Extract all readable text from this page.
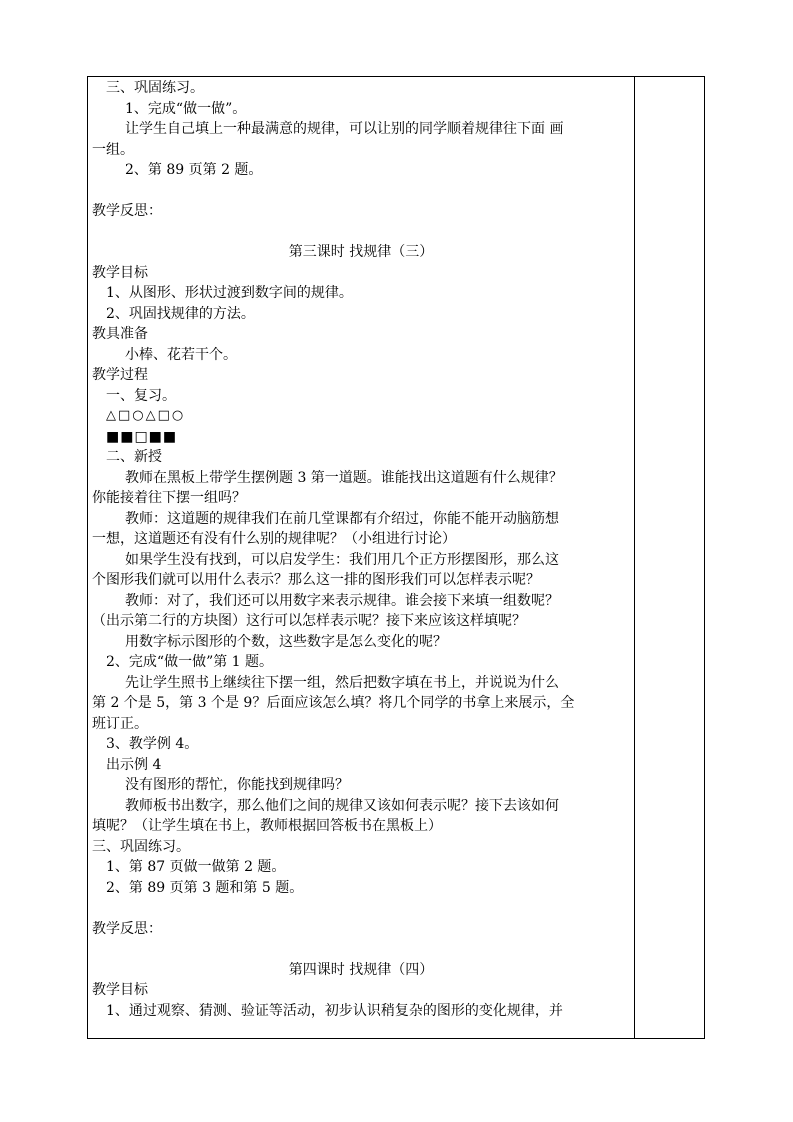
三、巩固练习。
1、完成“做一做”。
让学生自己填上一种最满意的规律，可以让别的同学顺着规律往下面 画
一组。
2、第 89 页第 2 题。
教学反思：
第三课时 找规律（三）
教学目标
1、从图形、形状过渡到数字间的规律。
2、巩固找规律的方法。
教具准备
小棒、花若干个。
教学过程
一、复习。
△□○△□○
■■□■■
二、新授
教师在黑板上带学生摆例题 3 第一道题。谁能找出这道题有什么规律？
你能接着往下摆一组吗？
教师：这道题的规律我们在前几堂课都有介绍过，你能不能开动脑筋想
一想，这道题还有没有什么别的规律呢？（小组进行讨论）
如果学生没有找到，可以启发学生：我们用几个正方形摆图形，那么这
个图形我们就可以用什么表示？那么这一排的图形我们可以怎样表示呢？
教师：对了，我们还可以用数字来表示规律。谁会接下来填一组数呢？
（出示第二行的方块图）这行可以怎样表示呢？接下来应该这样填呢？
用数字标示图形的个数，这些数字是怎么变化的呢？
2、完成“做一做”第 1 题。
先让学生照书上继续往下摆一组，然后把数字填在书上，并说说为什么
第 2 个是 5，第 3 个是 9？后面应该怎么填？将几个同学的书拿上来展示，全
班订正。
3、教学例 4。
出示例 4
没有图形的帮忙，你能找到规律吗？
教师板书出数字，那么他们之间的规律又该如何表示呢？接下去该如何
填呢？（让学生填在书上，教师根据回答板书在黑板上）
三、巩固练习。
1、第 87 页做一做第 2 题。
2、第 89 页第 3 题和第 5 题。
教学反思：
第四课时 找规律（四）
教学目标
1、通过观察、猜测、验证等活动，初步认识稍复杂的图形的变化规律，并
